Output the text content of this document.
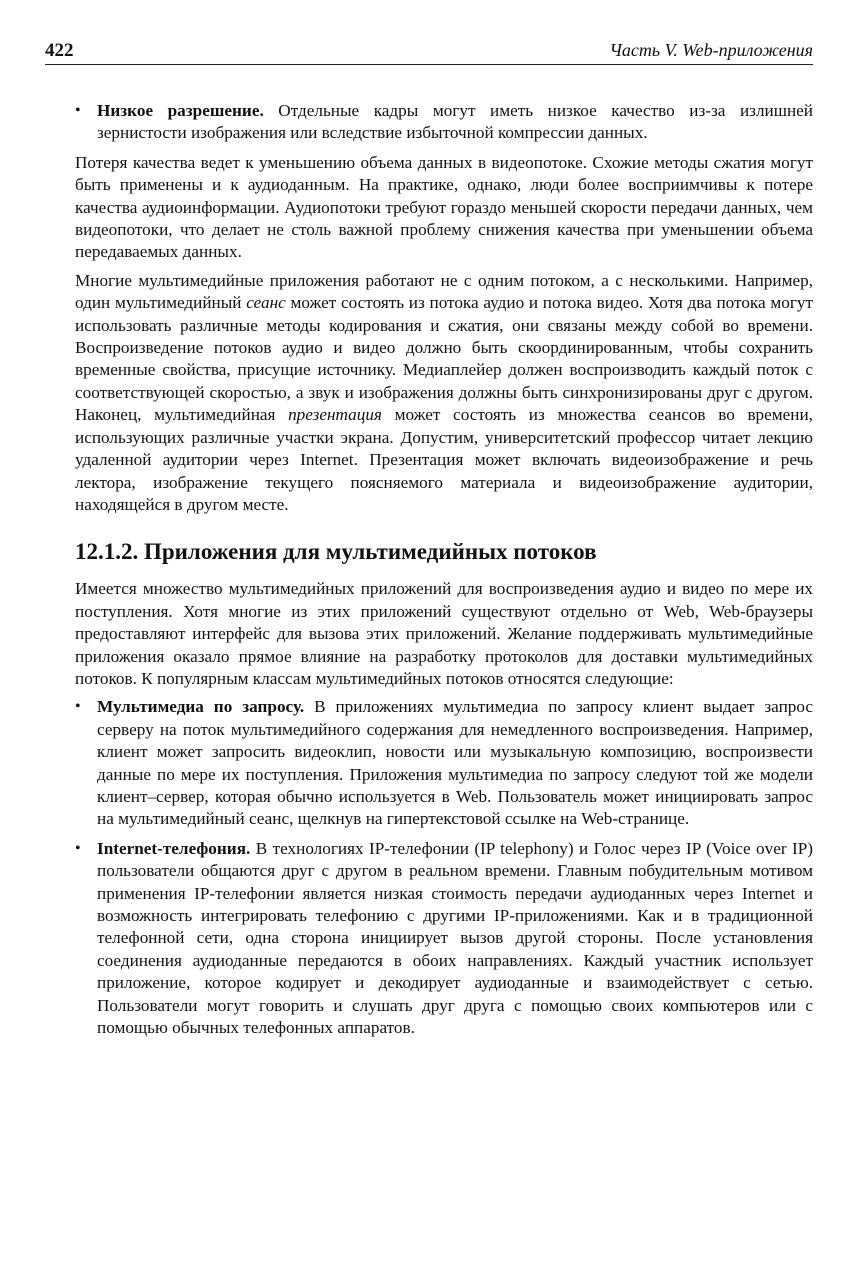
422	Часть V. Web-приложения
• Низкое разрешение. Отдельные кадры могут иметь низкое качество из-за излишней зернистости изображения или вследствие избыточной компрессии данных.

Потеря качества ведет к уменьшению объема данных в видеопотоке. Схожие методы сжатия могут быть применены и к аудиоданным. На практике, однако, люди более восприимчивы к потере качества аудиоинформации. Аудиопотоки требуют гораздо меньшей скорости передачи данных, чем видеопотоки, что делает не столь важной проблему снижения качества при уменьшении объема передаваемых данных.

Многие мультимедийные приложения работают не с одним потоком, а с несколькими. Например, один мультимедийный сеанс может состоять из потока аудио и потока видео. Хотя два потока могут использовать различные методы кодирования и сжатия, они связаны между собой во времени. Воспроизведение потоков аудио и видео должно быть скоординированным, чтобы сохранить временные свойства, присущие источнику. Медиаплейер должен воспроизводить каждый поток с соответствующей скоростью, а звук и изображения должны быть синхронизированы друг с другом. Наконец, мультимедийная презентация может состоять из множества сеансов во времени, использующих различные участки экрана. Допустим, университетский профессор читает лекцию удаленной аудитории через Internet. Презентация может включать видеоизображение и речь лектора, изображение текущего поясняемого материала и видеоизображение аудитории, находящейся в другом месте.

12.1.2. Приложения для мультимедийных потоков

Имеется множество мультимедийных приложений для воспроизведения аудио и видео по мере их поступления. Хотя многие из этих приложений существуют отдельно от Web, Web-браузеры предоставляют интерфейс для вызова этих приложений. Желание поддерживать мультимедийные приложения оказало прямое влияние на разработку протоколов для доставки мультимедийных потоков. К популярным классам мультимедийных потоков относятся следующие:

• Мультимедиа по запросу. В приложениях мультимедиа по запросу клиент выдает запрос серверу на поток мультимедийного содержания для немедленного воспроизведения. Например, клиент может запросить видеоклип, новости или музыкальную композицию, воспроизвести данные по мере их поступления. Приложения мультимедиа по запросу следуют той же модели клиент–сервер, которая обычно используется в Web. Пользователь может инициировать запрос на мультимедийный сеанс, щелкнув на гипертекстовой ссылке на Web-странице.
• Internet-телефония. В технологиях IP-телефонии (IP telephony) и Голос через IP (Voice over IP) пользователи общаются друг с другом в реальном времени. Главным побудительным мотивом применения IP-телефонии является низкая стоимость передачи аудиоданных через Internet и возможность интегрировать телефонию с другими IP-приложениями. Как и в традиционной телефонной сети, одна сторона инициирует вызов другой стороны. После установления соединения аудиоданные передаются в обоих направлениях. Каждый участник использует приложение, которое кодирует и декодирует аудиоданные и взаимодействует с сетью. Пользователи могут говорить и слушать друг друга с помощью своих компьютеров или с помощью обычных телефонных аппаратов.
